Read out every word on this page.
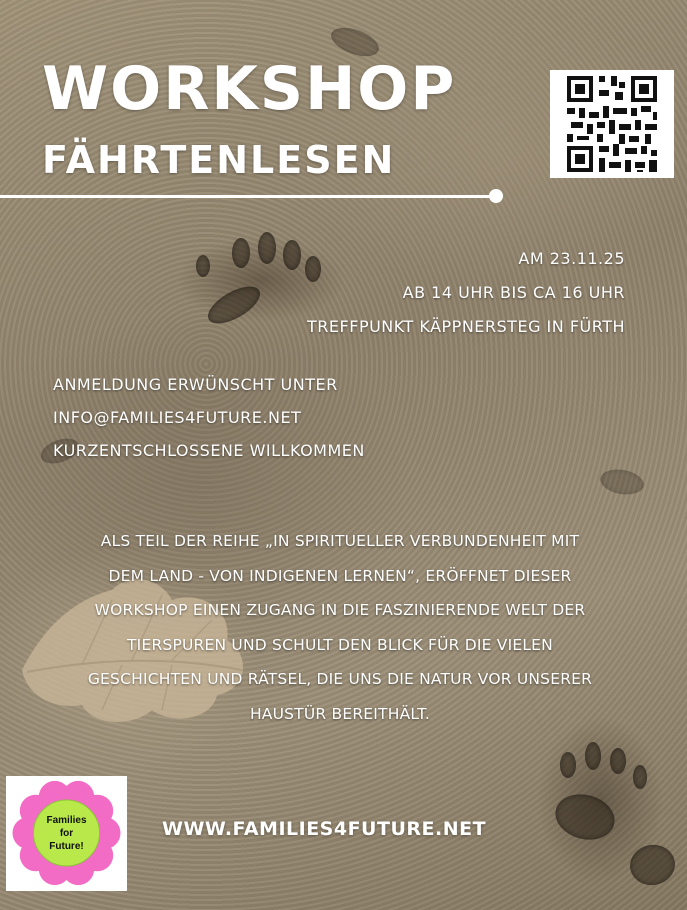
WORKSHOP
FÄHRTENLESEN
AM 23.11.25
AB 14 UHR BIS CA 16 UHR
TREFFPUNKT KÄPPNERSTEG IN FÜRTH
ANMELDUNG ERWÜNSCHT UNTER
INFO@FAMILIES4FUTURE.NET
KURZENTSCHLOSSENE WILLKOMMEN
ALS TEIL DER REIHE „IN SPIRITUELLER VERBUNDENHEIT MIT
DEM LAND - VON INDIGENEN LERNEN“, ERÖFFNET DIESER
WORKSHOP EINEN ZUGANG IN DIE FASZINIERENDE WELT DER
TIERSPUREN UND SCHULT DEN BLICK FÜR DIE VIELEN
GESCHICHTEN UND RÄTSEL, DIE UNS DIE NATUR VOR UNSERER
HAUSTÜR BEREITHÄLT.
Families
for
Future!
WWW.FAMILIES4FUTURE.NET
